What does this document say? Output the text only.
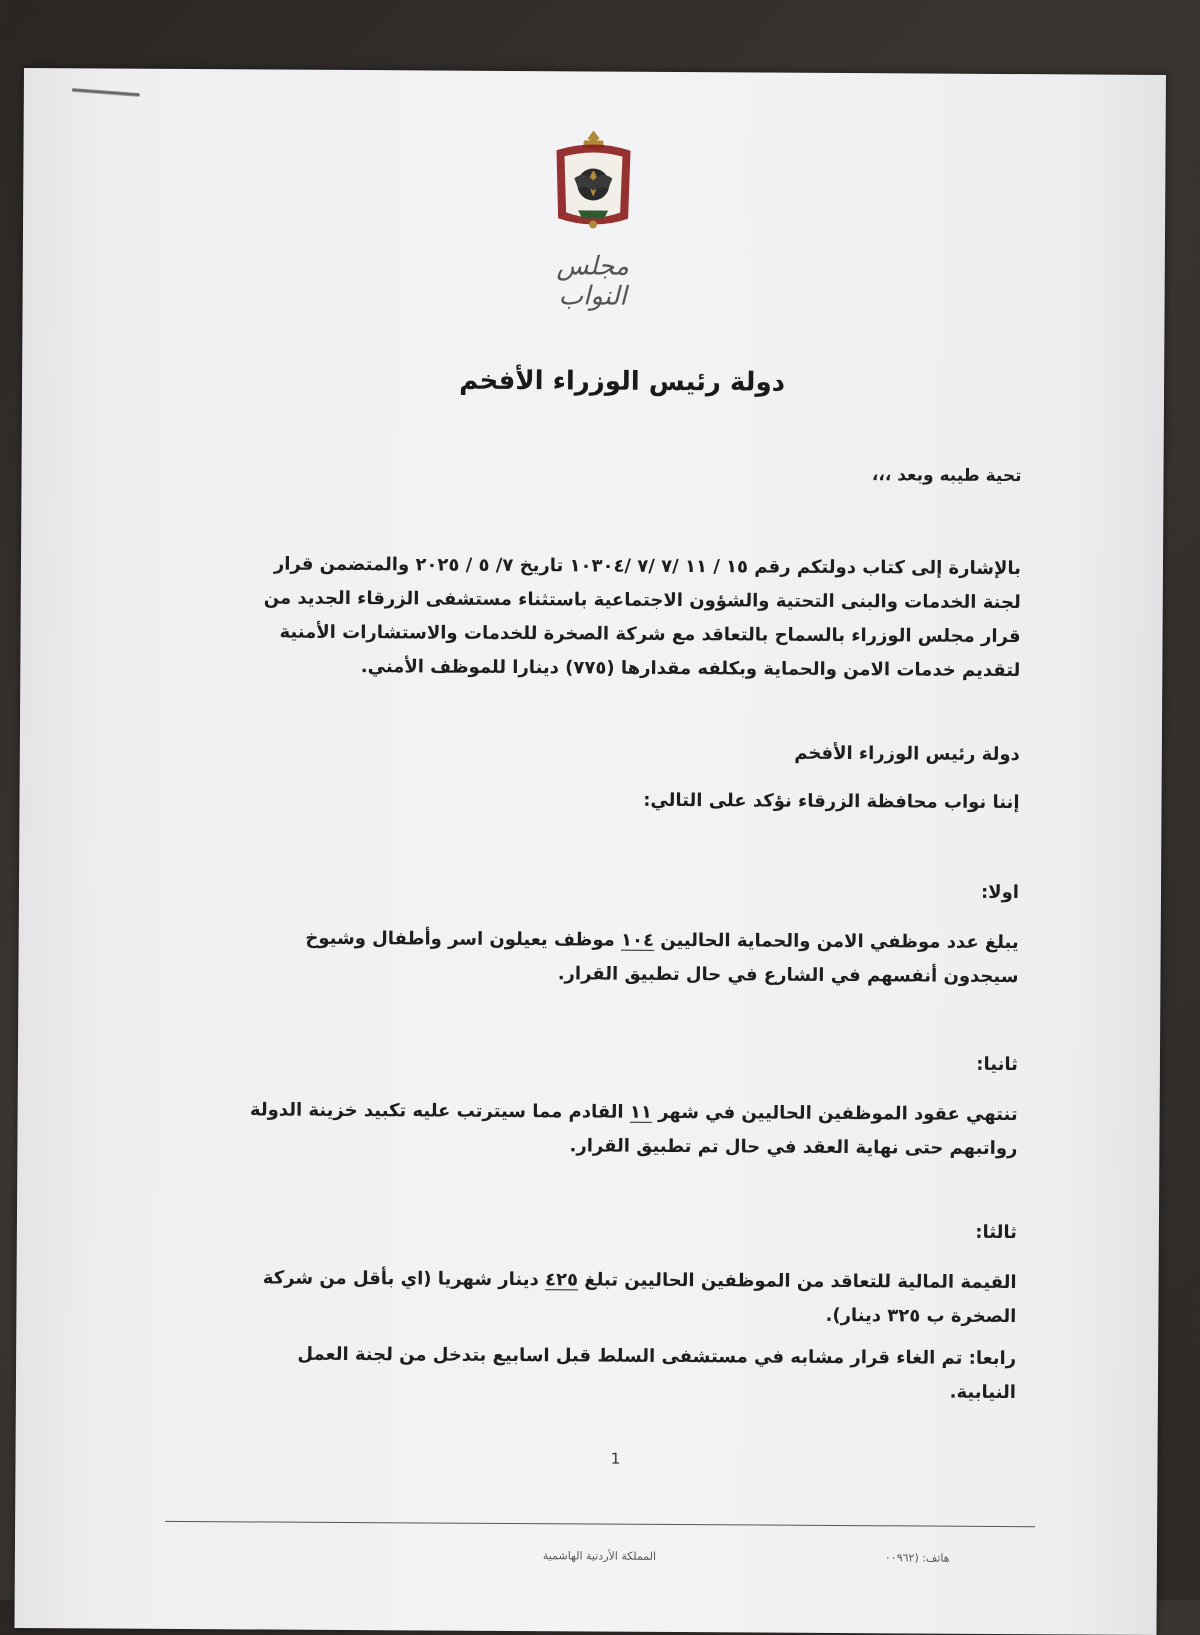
مجلس النواب
دولة رئيس الوزراء الأفخم
تحية طيبه وبعد ،،،
بالإشارة إلى كتاب دولتكم رقم ١٥ / ١١ /٧ /٧ /١٠٣٠٤ تاريخ ٧/ ٥ / ٢٠٢٥ والمتضمن قرار لجنة الخدمات والبنى التحتية والشؤون الاجتماعية باستثناء مستشفى الزرقاء الجديد من قرار مجلس الوزراء بالسماح بالتعاقد مع شركة الصخرة للخدمات والاستشارات الأمنية لتقديم خدمات الامن والحماية وبكلفه مقدارها (٧٧٥) دينارا للموظف الأمني.
دولة رئيس الوزراء الأفخم
إننا نواب محافظة الزرقاء نؤكد على التالي:
اولا:
يبلغ عدد موظفي الامن والحماية الحاليين ١٠٤ موظف يعيلون اسر وأطفال وشيوخ سيجدون أنفسهم في الشارع في حال تطبيق القرار.
ثانيا:
تنتهي عقود الموظفين الحاليين في شهر ١١ القادم مما سيترتب عليه تكبيد خزينة الدولة رواتبهم حتى نهاية العقد في حال تم تطبيق القرار.
ثالثا:
القيمة المالية للتعاقد من الموظفين الحاليين تبلغ ٤٢٥ دينار شهريا (اي بأقل من شركة الصخرة ب ٣٢٥ دينار).
رابعا: تم الغاء قرار مشابه في مستشفى السلط قبل اسابيع بتدخل من لجنة العمل النيابية.
1
المملكة الأردنية الهاشمية	هاتف: (٠٠٩٦٢
